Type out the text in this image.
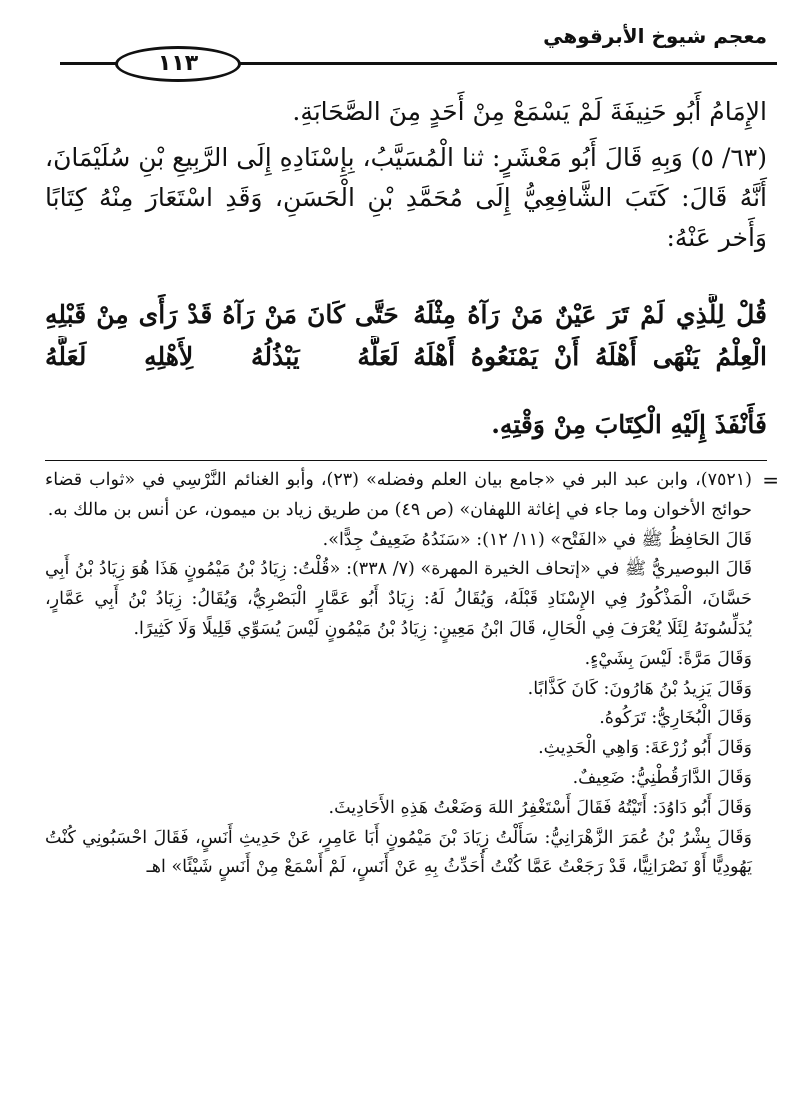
معجم شيوخ الأبرقوهي
١١٣

الإِمَامُ أَبُو حَنِيفَةَ لَمْ يَسْمَعْ مِنْ أَحَدٍ مِنَ الصَّحَابَةِ.

(٦٣/ ٥) وَبِهِ قَالَ أَبُو مَعْشَرٍ: ثنا الْمُسَيَّبُ، بِإِسْنَادِهِ إِلَى الرَّبِيعِ بْنِ سُلَيْمَانَ، أَنَّهُ قَالَ: كَتَبَ الشَّافِعِيُّ إِلَى مُحَمَّدِ بْنِ الْحَسَنِ، وَقَدِ اسْتَعَارَ مِنْهُ كِتَابًا وَأَخر عَنْهُ:

قُلْ لِلَّذِي لَمْ تَرَ عَيْنٌ مَنْ رَآهُ مِثْلَهُ
حَتَّى كَانَ مَنْ رَآهُ قَدْ رَأَى مِنْ قَبْلِهِ
الْعِلْمُ يَنْهَى أَهْلَهُ أَنْ يَمْنَعُوهُ أَهْلَهُ
لَعَلَّهُ يَبْذُلُهُ لِأَهْلِهِ لَعَلَّهُ
فَأَنْفَذَ إِلَيْهِ الْكِتَابَ مِنْ وَقْتِهِ.
=

(٧٥٢١)، وابن عبد البر في «جامع بيان العلم وفضله» (٢٣)، وأبو الغنائم النَّرْسِي في «ثواب قضاء حوائج الأخوان وما جاء في إغاثة اللهفان» (ص ٤٩) من طريق زياد بن ميمون، عن أنس بن مالك به.

قَالَ الحَافِظُ ﷺ في «الفَتْح» (١١/ ١٢): «سَنَدُهُ ضَعِيفٌ جِدًّا».

قَالَ البوصيريُّ ﷺ في «إتحاف الخيرة المهرة» (٧/ ٣٣٨): «قُلْتُ: زِيَادُ بْنُ مَيْمُونٍ هَذَا هُوَ زِيَادُ بْنُ أَبِي حَسَّانَ، الْمَذْكُورُ فِي الإِسْنَادِ قَبْلَهُ، وَيُقَالُ لَهُ: زِيَادٌ أَبُو عَمَّارٍ الْبَصْرِيُّ، وَيُقَالُ: زِيَادُ بْنُ أَبِي عَمَّارٍ، يُدَلِّسُونَهُ لِئَلَا يُعْرَفَ فِي الْحَالِ، قَالَ ابْنُ مَعِينٍ: زِيَادُ بْنُ مَيْمُونٍ لَيْسَ يُسَوِّي قَلِيلًا وَلَا كَثِيرًا.

وَقَالَ مَرَّةً: لَيْسَ بِشَيْءٍ.

وَقَالَ يَزِيدُ بْنُ هَارُونَ: كَانَ كَذَّابًا.

وَقَالَ الْبُخَارِيُّ: تَرَكُوهُ.

وَقَالَ أَبُو زُرْعَةَ: وَاهِي الْحَدِيثِ.

وَقَالَ الدَّارَقُطْنِيُّ: ضَعِيفٌ.

وَقَالَ أَبُو دَاوُدَ: أَتَيْتُهُ فَقَالَ أَسْتَغْفِرُ اللهَ وَضَعْتُ هَذِهِ الأَحَادِيثَ.

وَقَالَ بِشْرُ بْنُ عُمَرَ الزَّهْرَانِيُّ: سَأَلْتُ زِيَادَ بْنَ مَيْمُونٍ أَبَا عَامِرٍ، عَنْ حَدِيثِ أَنَسٍ، فَقَالَ احْسَبُونِي كُنْتُ يَهُودِيًّا أَوْ نَصْرَانِيًّا، قَدْ رَجَعْتُ عَمَّا كُنْتُ أُحَدِّثُ بِهِ عَنْ أَنَسٍ، لَمْ أَسْمَعْ مِنْ أَنَسٍ شَيْئًا» اهـ
